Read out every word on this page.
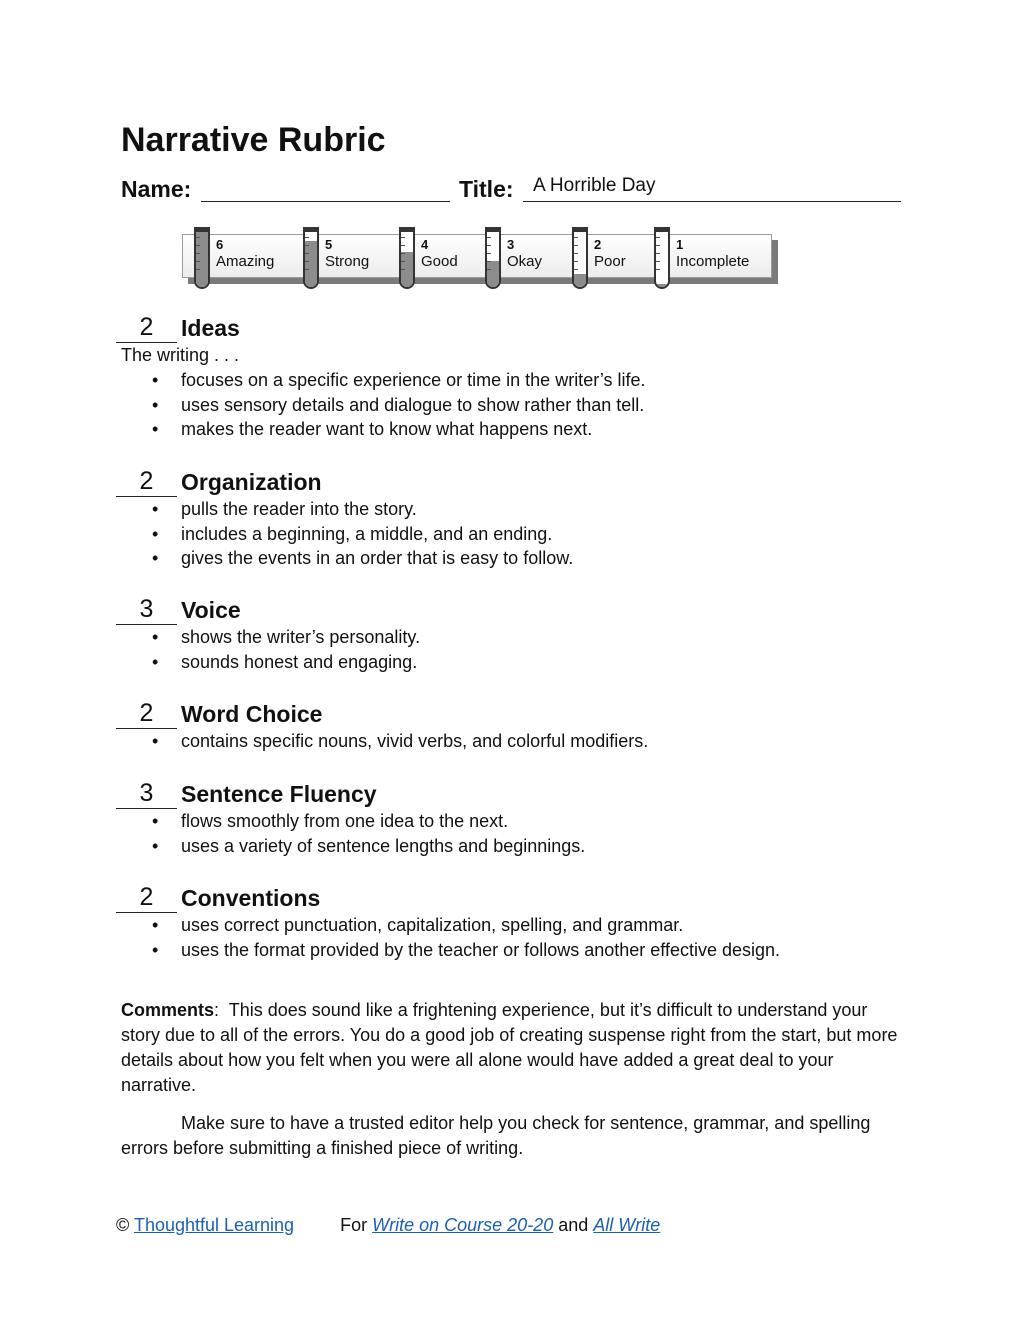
Narrative Rubric
Name:	Title: A Horrible Day
6
Amazing
5
Strong
4
Good
3
Okay
2
Poor
1
Incomplete
2	Ideas
The writing . . .
• focuses on a specific experience or time in the writer’s life.
• uses sensory details and dialogue to show rather than tell.
• makes the reader want to know what happens next.
2	Organization
• pulls the reader into the story.
• includes a beginning, a middle, and an ending.
• gives the events in an order that is easy to follow.
3	Voice
• shows the writer’s personality.
• sounds honest and engaging.
2	Word Choice
• contains specific nouns, vivid verbs, and colorful modifiers.
3	Sentence Fluency
• flows smoothly from one idea to the next.
• uses a variety of sentence lengths and beginnings.
2	Conventions
• uses correct punctuation, capitalization, spelling, and grammar.
• uses the format provided by the teacher or follows another effective design.

Comments:  This does sound like a frightening experience, but it’s difficult to understand your story due to all of the errors. You do a good job of creating suspense right from the start, but more details about how you felt when you were all alone would have added a great deal to your narrative.

Make sure to have a trusted editor help you check for sentence, grammar, and spelling errors before submitting a finished piece of writing.

© Thoughtful Learning	For Write on Course 20-20 and All Write
